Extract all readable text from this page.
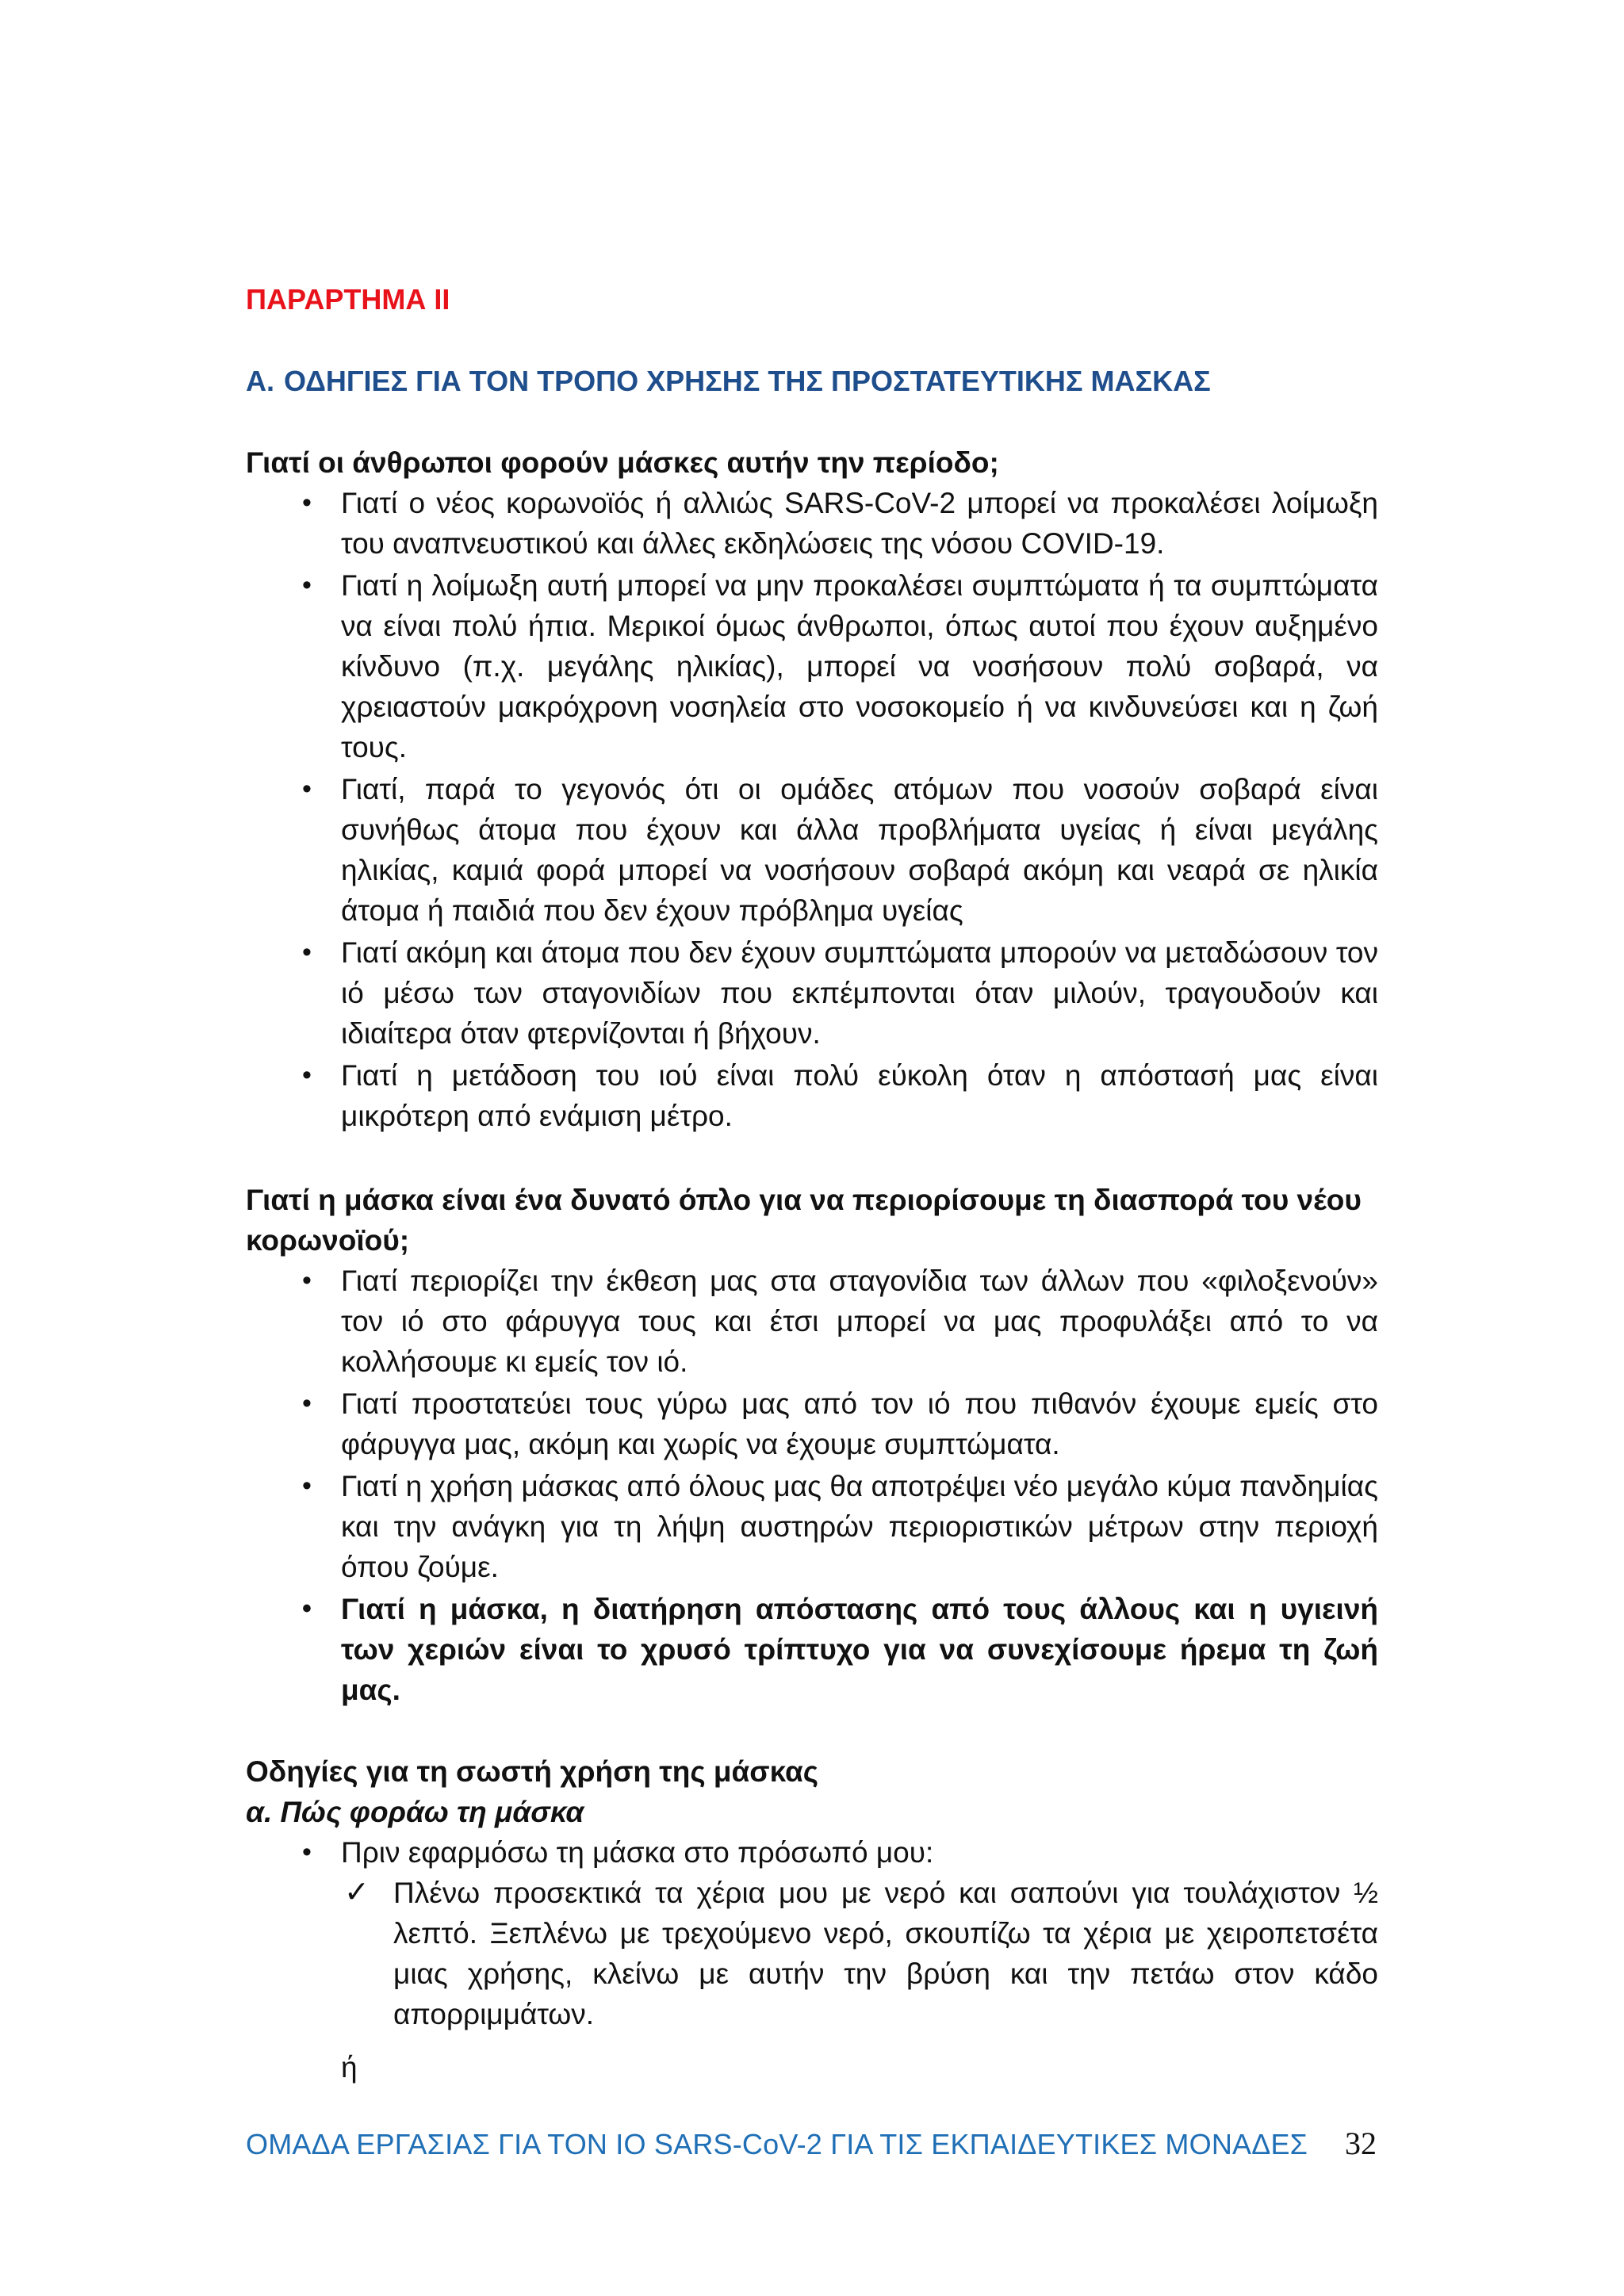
ΠΑΡΑΡΤΗΜΑ ΙΙ

Α. ΟΔΗΓΙΕΣ ΓΙΑ ΤΟΝ ΤΡΟΠΟ ΧΡΗΣΗΣ ΤΗΣ ΠΡΟΣΤΑΤΕΥΤΙΚΗΣ ΜΑΣΚΑΣ

Γιατί οι άνθρωποι φορούν μάσκες αυτήν την περίοδο;

• Γιατί ο νέος κορωνοϊός ή αλλιώς SARS-CoV-2 μπορεί να προκαλέσει λοίμωξη του αναπνευστικού και άλλες εκδηλώσεις της νόσου COVID-19.
• Γιατί η λοίμωξη αυτή μπορεί να μην προκαλέσει συμπτώματα ή τα συμπτώματα να είναι πολύ ήπια. Μερικοί όμως άνθρωποι, όπως αυτοί που έχουν αυξημένο κίνδυνο (π.χ. μεγάλης ηλικίας), μπορεί να νοσήσουν πολύ σοβαρά, να χρειαστούν μακρόχρονη νοσηλεία στο νοσοκομείο ή να κινδυνεύσει και η ζωή τους.
• Γιατί, παρά το γεγονός ότι οι ομάδες ατόμων που νοσούν σοβαρά είναι συνήθως άτομα που έχουν και άλλα προβλήματα υγείας ή είναι μεγάλης ηλικίας, καμιά φορά μπορεί να νοσήσουν σοβαρά ακόμη και νεαρά σε ηλικία άτομα ή παιδιά που δεν έχουν πρόβλημα υγείας
• Γιατί ακόμη και άτομα που δεν έχουν συμπτώματα μπορούν να μεταδώσουν τον ιό μέσω των σταγονιδίων που εκπέμπονται όταν μιλούν, τραγουδούν και ιδιαίτερα όταν φτερνίζονται ή βήχουν.
• Γιατί η μετάδοση του ιού είναι πολύ εύκολη όταν η απόστασή μας είναι μικρότερη από ενάμιση μέτρο.

Γιατί η μάσκα είναι ένα δυνατό όπλο για να περιορίσουμε τη διασπορά του νέου κορωνοϊού;

• Γιατί περιορίζει την έκθεση μας στα σταγονίδια των άλλων που «φιλοξενούν» τον ιό στο φάρυγγα τους και έτσι μπορεί να μας προφυλάξει από το να κολλήσουμε κι εμείς τον ιό.
• Γιατί προστατεύει τους γύρω μας από τον ιό που πιθανόν έχουμε εμείς στο φάρυγγα μας, ακόμη και χωρίς να έχουμε συμπτώματα.
• Γιατί η χρήση μάσκας από όλους μας θα αποτρέψει νέο μεγάλο κύμα πανδημίας και την ανάγκη για τη λήψη αυστηρών περιοριστικών μέτρων στην περιοχή όπου ζούμε.
• Γιατί η μάσκα, η διατήρηση απόστασης από τους άλλους και η υγιεινή των χεριών είναι το χρυσό τρίπτυχο για να συνεχίσουμε ήρεμα τη ζωή μας.

Οδηγίες για τη σωστή χρήση της μάσκας

α. Πώς φοράω τη μάσκα

• Πριν εφαρμόσω τη μάσκα στο πρόσωπό μου:
✓ Πλένω προσεκτικά τα χέρια μου με νερό και σαπούνι για τουλάχιστον ½ λεπτό. Ξεπλένω με τρεχούμενο νερό, σκουπίζω τα χέρια με χειροπετσέτα μιας χρήσης, κλείνω με αυτήν την βρύση και την πετάω στον κάδο απορριμμάτων.
ή
ΟΜΑΔΑ ΕΡΓΑΣΙΑΣ ΓΙΑ ΤΟΝ ΙΟ SARS-CoV-2 ΓΙΑ ΤΙΣ ΕΚΠΑΙΔΕΥΤΙΚΕΣ ΜΟΝΑΔΕΣ 32
